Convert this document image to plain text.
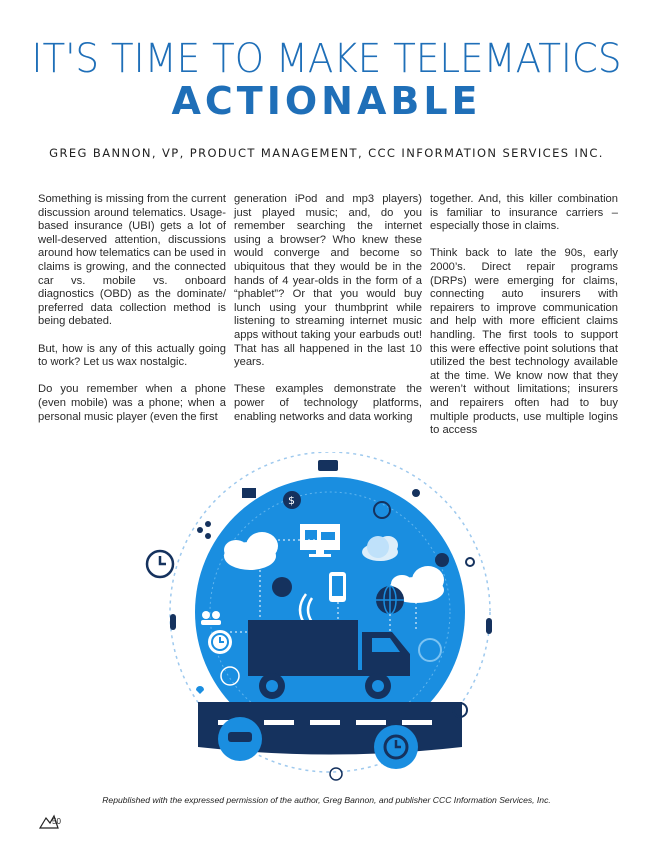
IT'S TIME TO MAKE TELEMATICS
ACTIONABLE
GREG BANNON, VP, PRODUCT MANAGEMENT, CCC INFORMATION SERVICES INC.

Something is missing from the current discussion around telematics. Usage-based insurance (UBI) gets a lot of well-deserved attention, discussions around how telematics can be used in claims is growing, and the connected car vs. mobile vs. onboard diagnostics (OBD) as the dominate/ preferred data collection method is being debated.

But, how is any of this actually going to work? Let us wax nostalgic.

Do you remember when a phone (even mobile) was a phone; when a personal music player (even the first

generation iPod and mp3 players) just played music; and, do you remember searching the internet using a browser? Who knew these would converge and become so ubiquitous that they would be in the hands of 4 year-olds in the form of a “phablet”? Or that you would buy lunch using your thumbprint while listening to streaming internet music apps without taking your earbuds out! That has all happened in the last 10 years.

These examples demonstrate the power of technology platforms, enabling networks and data working

together. And, this killer combination is familiar to insurance carriers – especially those in claims.

Think back to late the 90s, early 2000’s. Direct repair programs (DRPs) were emerging for claims, connecting auto insurers with repairers to improve communication and help with more efficient claims handling. The first tools to support this were effective point solutions that utilized the best technology available at the time. We know now that they weren’t without limitations; insurers and repairers often had to buy multiple products, use multiple logins to access

$
Republished with the expressed permission of the author, Greg Bannon, and publisher CCC Information Services, Inc.
50
